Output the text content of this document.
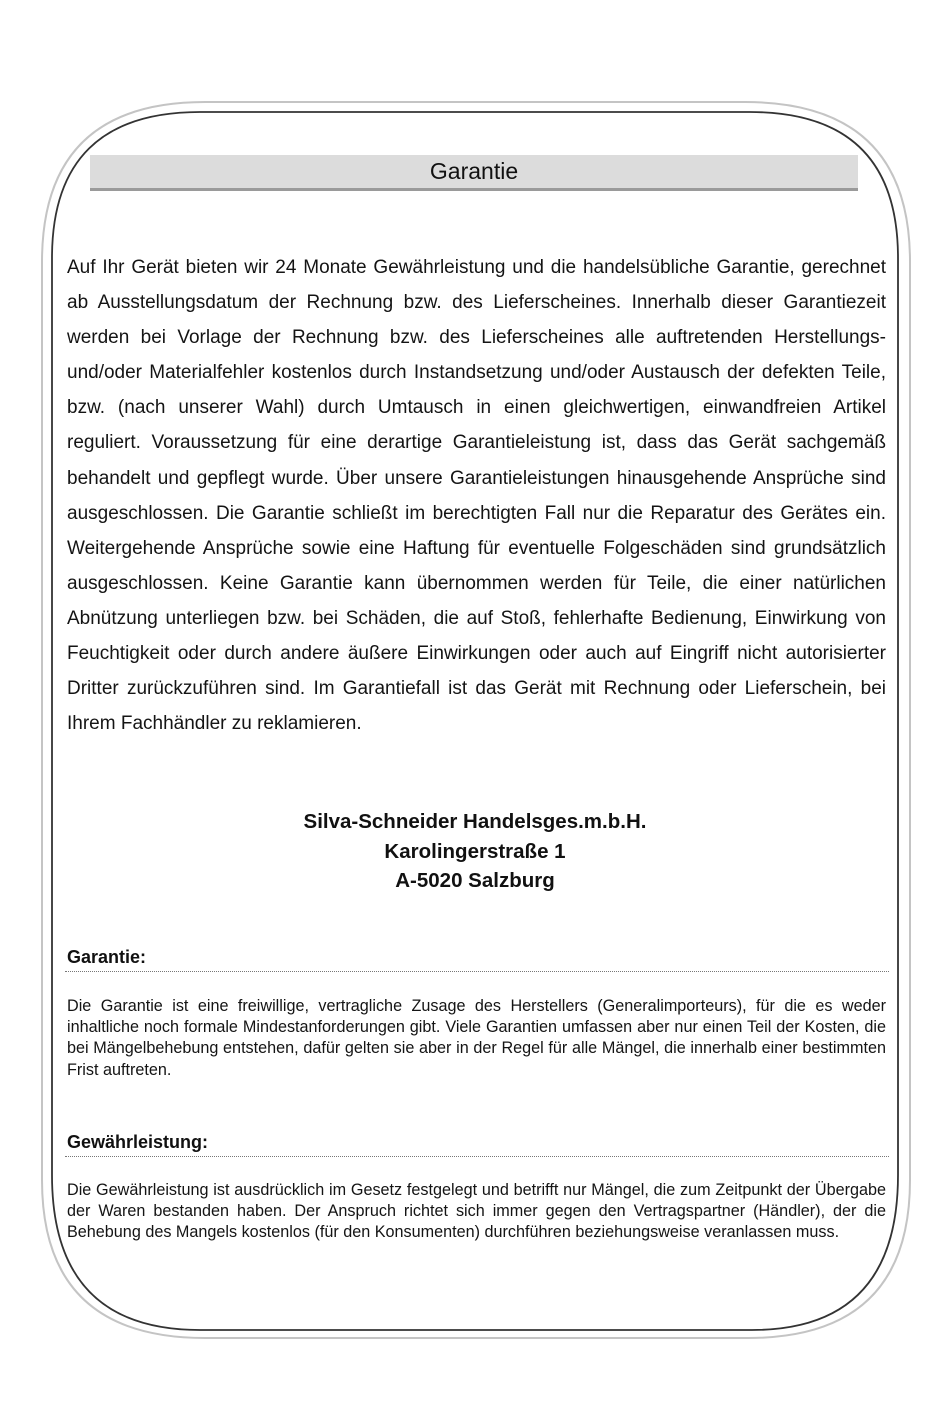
Garantie

Auf Ihr Gerät bieten wir 24 Monate Gewährleistung und die handelsübliche Garantie, gerechnet ab Ausstellungsdatum der Rechnung bzw. des Lieferscheines. Innerhalb dieser Garantiezeit werden bei Vorlage der Rechnung bzw. des Lieferscheines alle auftretenden Herstellungs- und/oder Materialfehler kostenlos durch Instandsetzung und/oder Austausch der defekten Teile, bzw. (nach unserer Wahl) durch Umtausch in einen gleichwertigen, einwandfreien Artikel reguliert. Voraussetzung für eine derartige Garantieleistung ist, dass das Gerät sachgemäß behandelt und gepflegt wurde. Über unsere Garantieleistungen hinausgehende Ansprüche sind ausgeschlossen. Die Garantie schließt im berechtigten Fall nur die Reparatur des Gerätes ein. Weitergehende Ansprüche sowie eine Haftung für eventuelle Folgeschäden sind grundsätzlich ausgeschlossen. Keine Garantie kann übernommen werden für Teile, die einer natürlichen Abnützung unterliegen bzw. bei Schäden, die auf Stoß, fehlerhafte Bedienung, Einwirkung von Feuchtigkeit oder durch andere äußere Einwirkungen oder auch auf Eingriff nicht autorisierter Dritter zurückzuführen sind. Im Garantiefall ist das Gerät mit Rechnung oder Lieferschein, bei Ihrem Fachhändler zu reklamieren.

Silva-Schneider Handelsges.m.b.H.
Karolingerstraße 1
A-5020 Salzburg
Garantie:

Die Garantie ist eine freiwillige, vertragliche Zusage des Herstellers (Generalimporteurs), für die es weder inhaltliche noch formale Mindestanforderungen gibt. Viele Garantien umfassen aber nur einen Teil der Kosten, die bei Mängelbehebung entstehen, dafür gelten sie aber in der Regel für alle Mängel, die innerhalb einer bestimmten Frist auftreten.

Gewährleistung:

Die Gewährleistung ist ausdrücklich im Gesetz festgelegt und betrifft nur Mängel, die zum Zeitpunkt der Übergabe der Waren bestanden haben. Der Anspruch richtet sich immer gegen den Vertragspartner (Händler), der die Behebung des Mangels kostenlos (für den Konsumenten) durchführen beziehungsweise veranlassen muss.
